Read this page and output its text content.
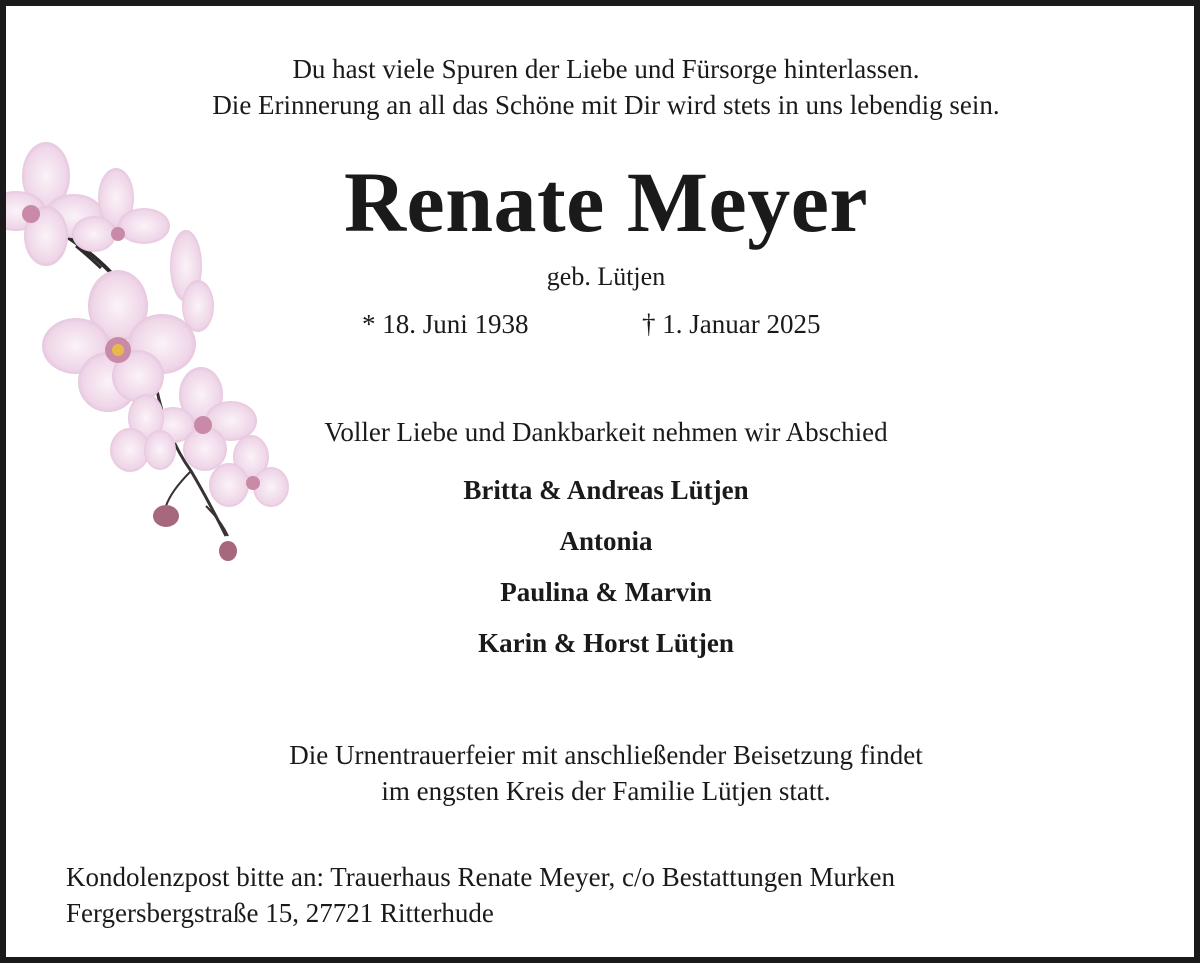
Du hast viele Spuren der Liebe und Fürsorge hinterlassen.
Die Erinnerung an all das Schöne mit Dir wird stets in uns lebendig sein.
Renate Meyer
geb. Lütjen
* 18. Juni 1938	† 1. Januar 2025
Voller Liebe und Dankbarkeit nehmen wir Abschied
Britta & Andreas Lütjen
Antonia
Paulina & Marvin
Karin & Horst Lütjen
Die Urnentrauerfeier mit anschließender Beisetzung findet
im engsten Kreis der Familie Lütjen statt.
Kondolenzpost bitte an: Trauerhaus Renate Meyer, c/o Bestattungen Murken
Fergersbergstraße 15, 27721 Ritterhude
